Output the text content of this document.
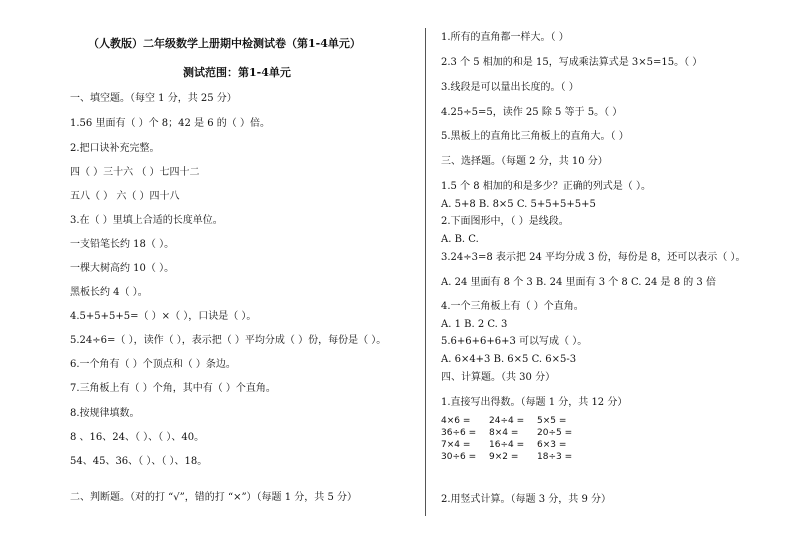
（人教版）二年级数学上册期中检测试卷（第1-4单元）
测试范围：第1-4单元
一、填空题。（每空 1 分，共 25 分）
1.56 里面有（ ）个 8；42 是 6 的（ ）倍。
2.把口诀补充完整。
四（ ）三十六 （ ）七四十二
五八（ ） 六（ ）四十八
3.在（ ）里填上合适的长度单位。
一支铅笔长约 18（ ）。
一棵大树高约 10（ ）。
黑板长约 4（ ）。
4.5+5+5+5=（ ）×（ ），口诀是（ ）。
5.24÷6=（ ），读作（ ），表示把（ ）平均分成（ ）份，每份是（ ）。
6.一个角有（ ）个顶点和（ ）条边。
7.三角板上有（ ）个角，其中有（ ）个直角。
8.按规律填数。
8 、16、24、（ ）、（ ）、40。
54、45、36、（ ）、（ ）、18。
二、判断题。（对的打 “√”，错的打 “×”）（每题 1 分，共 5 分）
1.所有的直角都一样大。（ ）
2.3 个 5 相加的和是 15，写成乘法算式是 3×5=15。（ ）
3.线段是可以量出长度的。（ ）
4.25÷5=5，读作 25 除 5 等于 5。（ ）
5.黑板上的直角比三角板上的直角大。（ ）
三、选择题。（每题 2 分，共 10 分）
1.5 个 8 相加的和是多少？正确的列式是（ ）。
A. 5+8 B. 8×5 C. 5+5+5+5+5
2.下面图形中，（ ）是线段。
A. B. C.
3.24÷3=8 表示把 24 平均分成 3 份，每份是 8，还可以表示（ ）。
A. 24 里面有 8 个 3 B. 24 里面有 3 个 8 C. 24 是 8 的 3 倍
4.一个三角板上有（ ）个直角。
A. 1 B. 2 C. 3
5.6+6+6+6+3 可以写成（ ）。
A. 6×4+3 B. 6×5 C. 6×5-3
四、计算题。（共 30 分）
1.直接写出得数。（每题 1 分，共 12 分）
4×6 = 24÷4 = 5×5 =
36÷6 = 8×4 = 20÷5 =
7×4 = 16÷4 = 6×3 =
30÷6 = 9×2 = 18÷3 =
2.用竖式计算。（每题 3 分，共 9 分）
